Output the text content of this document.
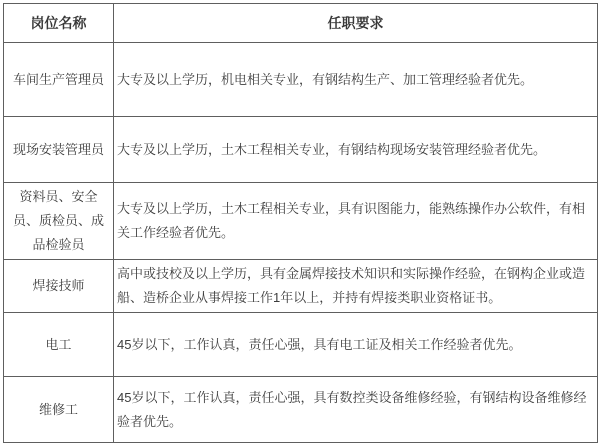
岗位名称	任职要求
车间生产管理员	大专及以上学历，机电相关专业，有钢结构生产、加工管理经验者优先。
现场安装管理员	大专及以上学历，土木工程相关专业，有钢结构现场安装管理经验者优先。
资料员、安全员、质检员、成品检验员	大专及以上学历，土木工程相关专业，具有识图能力，能熟练操作办公软件，有相关工作经验者优先。
焊接技师	高中或技校及以上学历，具有金属焊接技术知识和实际操作经验，在钢构企业或造船、造桥企业从事焊接工作1年以上，并持有焊接类职业资格证书。
电工	45岁以下，工作认真，责任心强，具有电工证及相关工作经验者优先。
维修工	45岁以下，工作认真，责任心强，具有数控类设备维修经验，有钢结构设备维修经验者优先。
